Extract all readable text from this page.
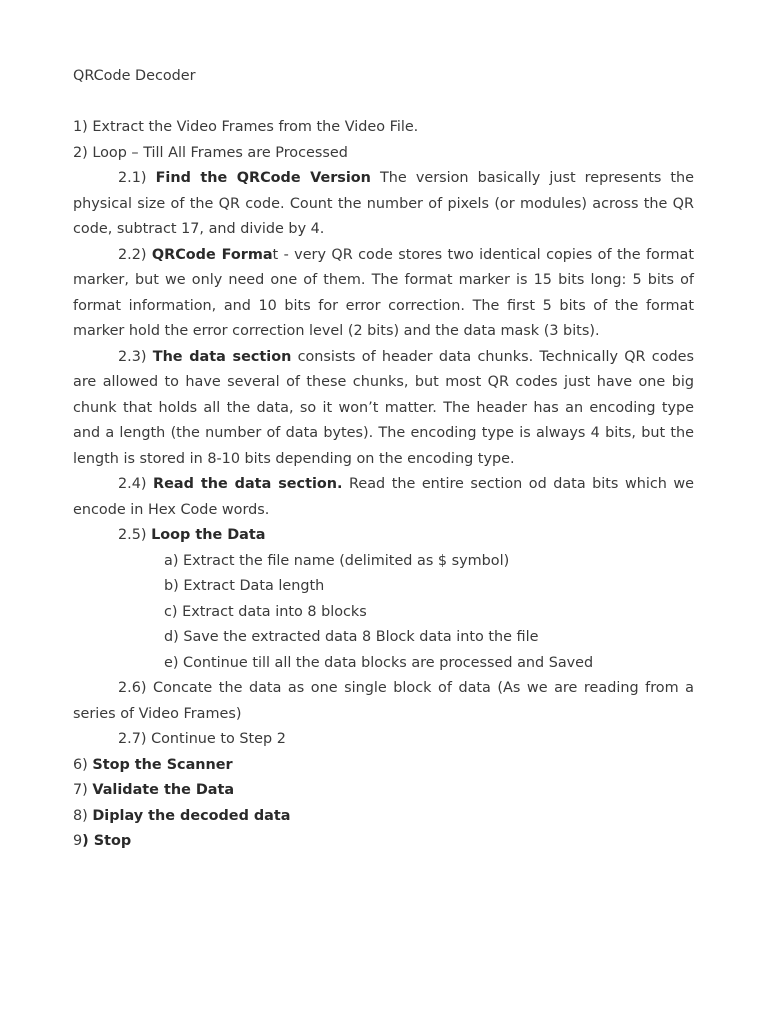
QRCode Decoder
1) Extract the Video Frames from the Video File.
2) Loop – Till All Frames are Processed
2.1) Find the QRCode Version The version basically just represents the physical size of the QR code. Count the number of pixels (or modules) across the QR code, subtract 17, and divide by 4.
2.2) QRCode Format - very QR code stores two identical copies of the format marker, but we only need one of them. The format marker is 15 bits long: 5 bits of format information, and 10 bits for error correction. The first 5 bits of the format marker hold the error correction level (2 bits) and the data mask (3 bits).
2.3) The data section consists of header data chunks. Technically QR codes are allowed to have several of these chunks, but most QR codes just have one big chunk that holds all the data, so it won’t matter. The header has an encoding type and a length (the number of data bytes). The encoding type is always 4 bits, but the length is stored in 8-10 bits depending on the encoding type.
2.4) Read the data section. Read the entire section od data bits which we encode in Hex Code words.
2.5) Loop the Data
a) Extract the file name (delimited as $ symbol)
b) Extract Data length
c) Extract data into 8 blocks
d) Save the extracted data 8 Block data into the file
e) Continue till all the data blocks are processed and Saved
2.6) Concate the data as one single block of data (As we are reading from a series of Video Frames)
2.7) Continue to Step 2
6) Stop the Scanner
7) Validate the Data
8) Diplay the decoded data
9) Stop
